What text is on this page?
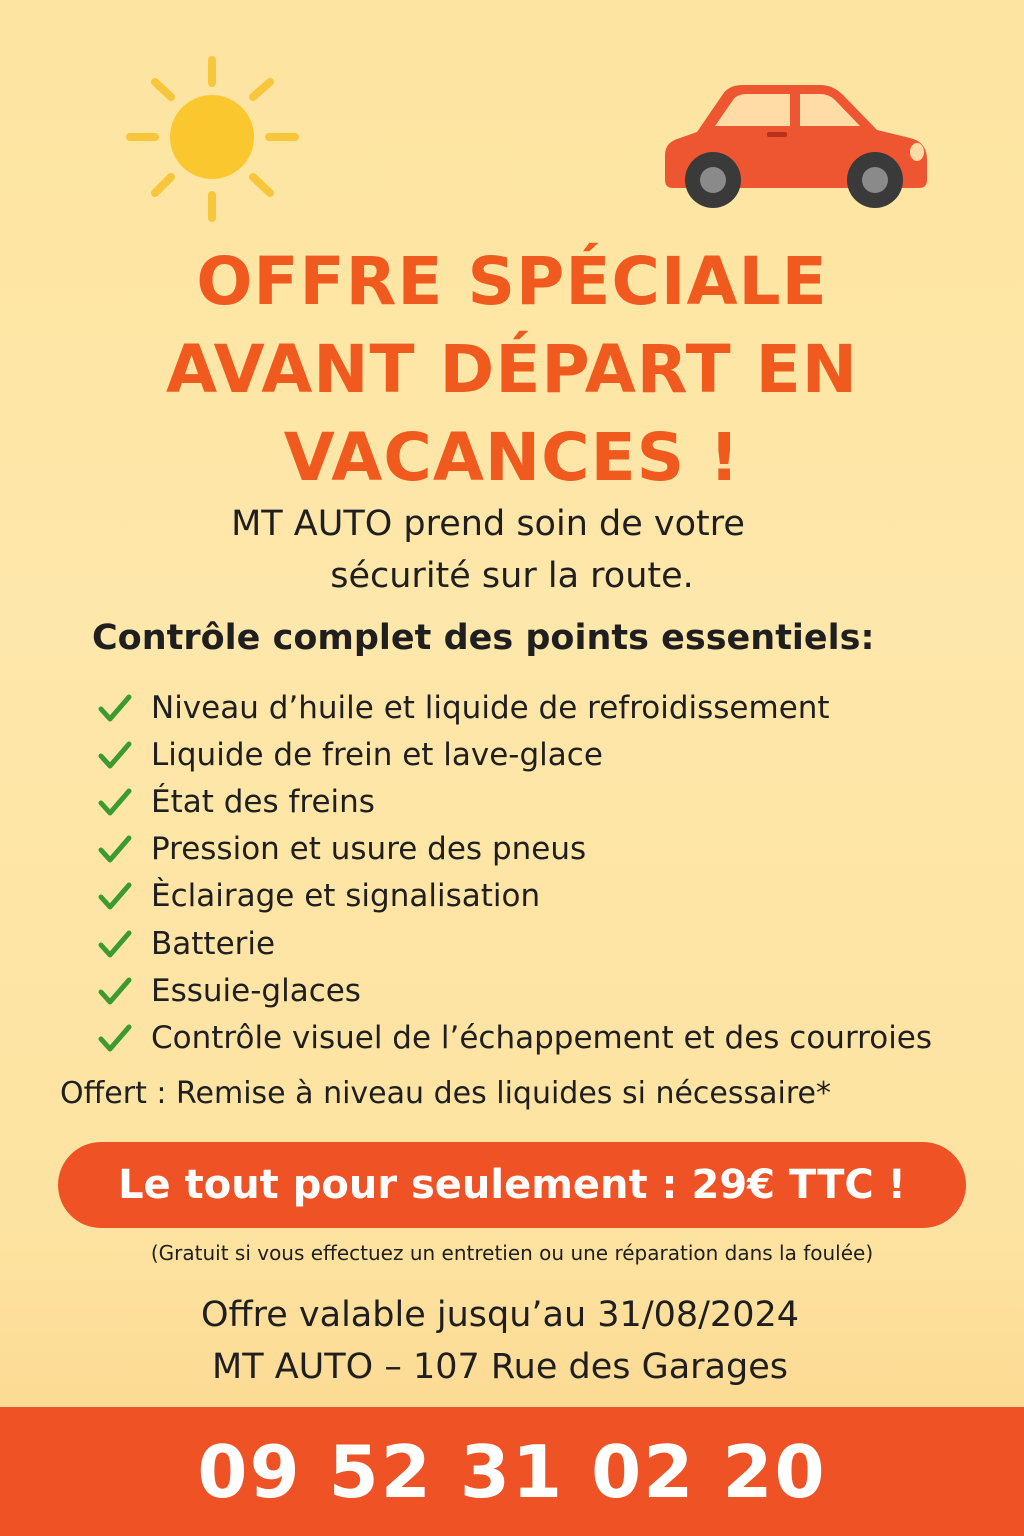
OFFRE SPÉCIALE
AVANT DÉPART EN
VACANCES !
MT AUTO prend soin de votre
sécurité sur la route.
Contrôle complet des points essentiels:
Niveau d’huile et liquide de refroidissement
Liquide de frein et lave-glace
État des freins
Pression et usure des pneus
Èclairage et signalisation
Batterie
Essuie-glaces
Contrôle visuel de l’échappement et des courroies
Offert : Remise à niveau des liquides si nécessaire*
Le tout pour seulement : 29€ TTC !
(Gratuit si vous effectuez un entretien ou une réparation dans la foulée)
Offre valable jusqu’au 31/08/2024
MT AUTO – 107 Rue des Garages
09 52 31 02 20
